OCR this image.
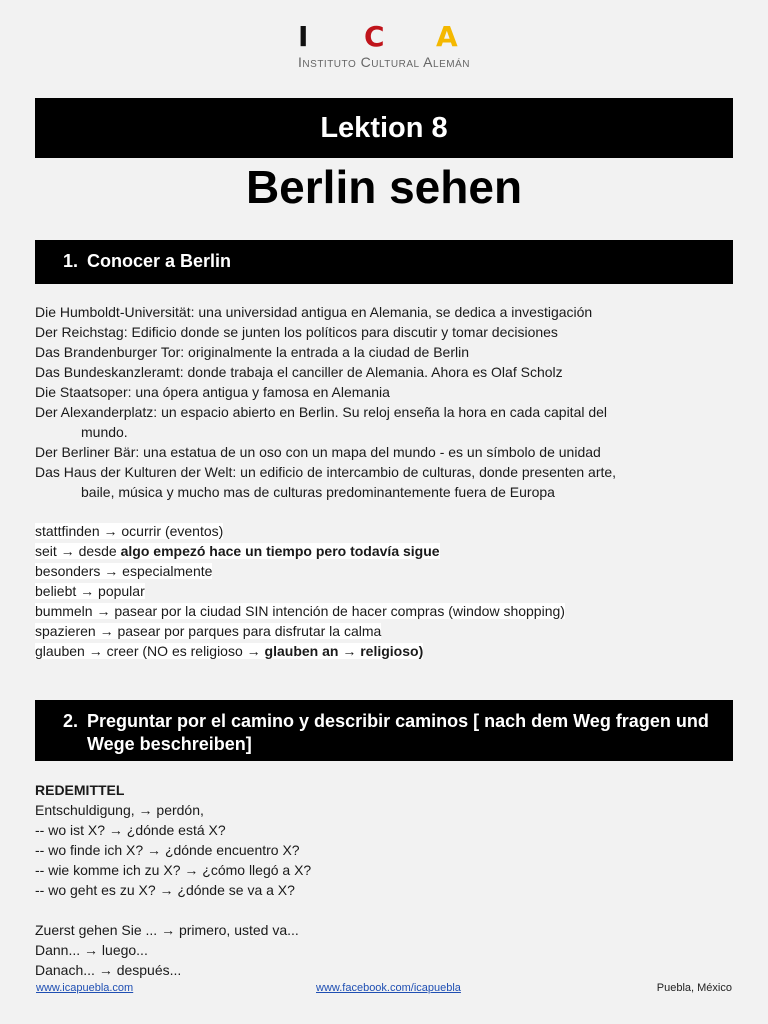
I C A
Instituto Cultural Alemán
Lektion 8
Berlin sehen
1. Conocer a Berlin
Die Humboldt-Universität: una universidad antigua en Alemania, se dedica a investigación
Der Reichstag: Edificio donde se junten los políticos para discutir y tomar decisiones
Das Brandenburger Tor: originalmente la entrada a la ciudad de Berlin
Das Bundeskanzleramt: donde trabaja el canciller de Alemania. Ahora es Olaf Scholz
Die Staatsoper: una ópera antigua y famosa en Alemania
Der Alexanderplatz: un espacio abierto en Berlin. Su reloj enseña la hora en cada capital del
mundo.
Der Berliner Bär: una estatua de un oso con un mapa del mundo - es un símbolo de unidad
Das Haus der Kulturen der Welt: un edificio de intercambio de culturas, donde presenten arte,
baile, música y mucho mas de culturas predominantemente fuera de Europa
stattfinden → ocurrir (eventos)
seit → desde algo empezó hace un tiempo pero todavía sigue
besonders → especialmente
beliebt → popular
bummeln → pasear por la ciudad SIN intención de hacer compras (window shopping)
spazieren → pasear por parques para disfrutar la calma
glauben → creer (NO es religioso → glauben an → religioso)
2. Preguntar por el camino y describir caminos [ nach dem Weg fragen und Wege beschreiben]
REDEMITTEL
Entschuldigung, → perdón,
-- wo ist X? → ¿dónde está X?
-- wo finde ich X? → ¿dónde encuentro X?
-- wie komme ich zu X? → ¿cómo llegó a X?
-- wo geht es zu X? → ¿dónde se va a X?
Zuerst gehen Sie ... → primero, usted va...
Dann... → luego...
Danach... → después...
www.icapuebla.com	www.facebook.com/icapuebla	Puebla, México
